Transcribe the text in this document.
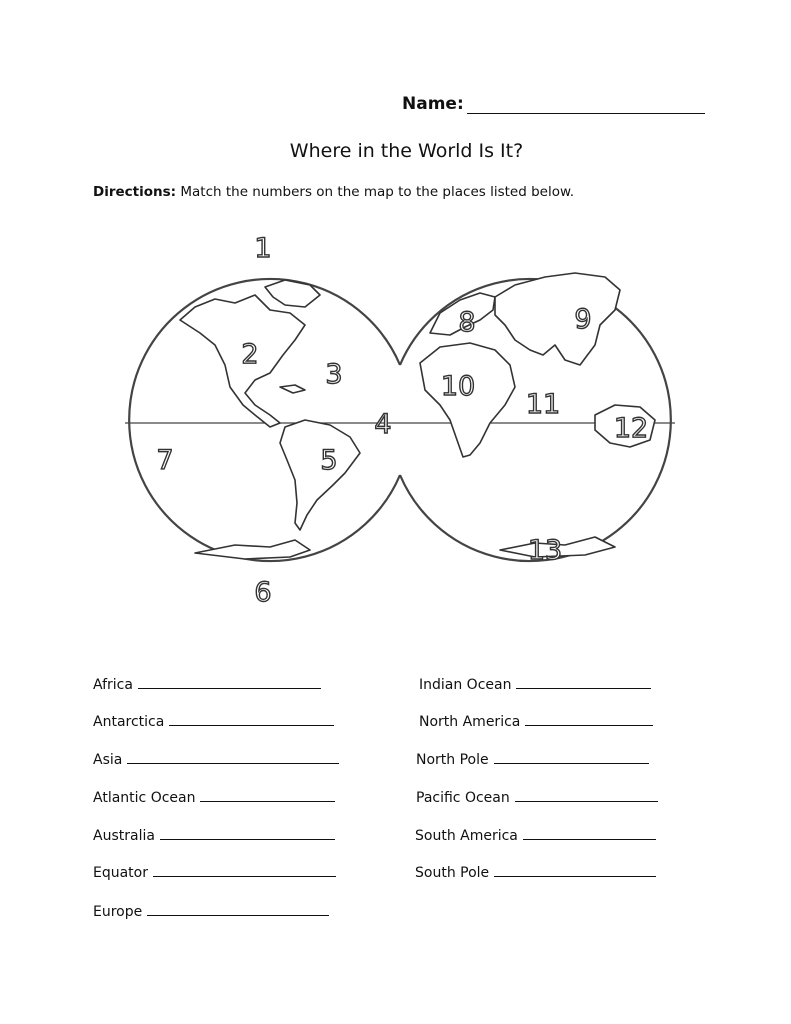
Name:
Where in the World Is It?
Directions: Match the numbers on the map to the places listed below.
1
2
3
4
5
6
7
8	9
10
11
12
13
Africa
Antarctica
Asia
Atlantic Ocean
Australia
Equator
Europe
Indian Ocean
North America
North Pole
Pacific Ocean
South America
South Pole
